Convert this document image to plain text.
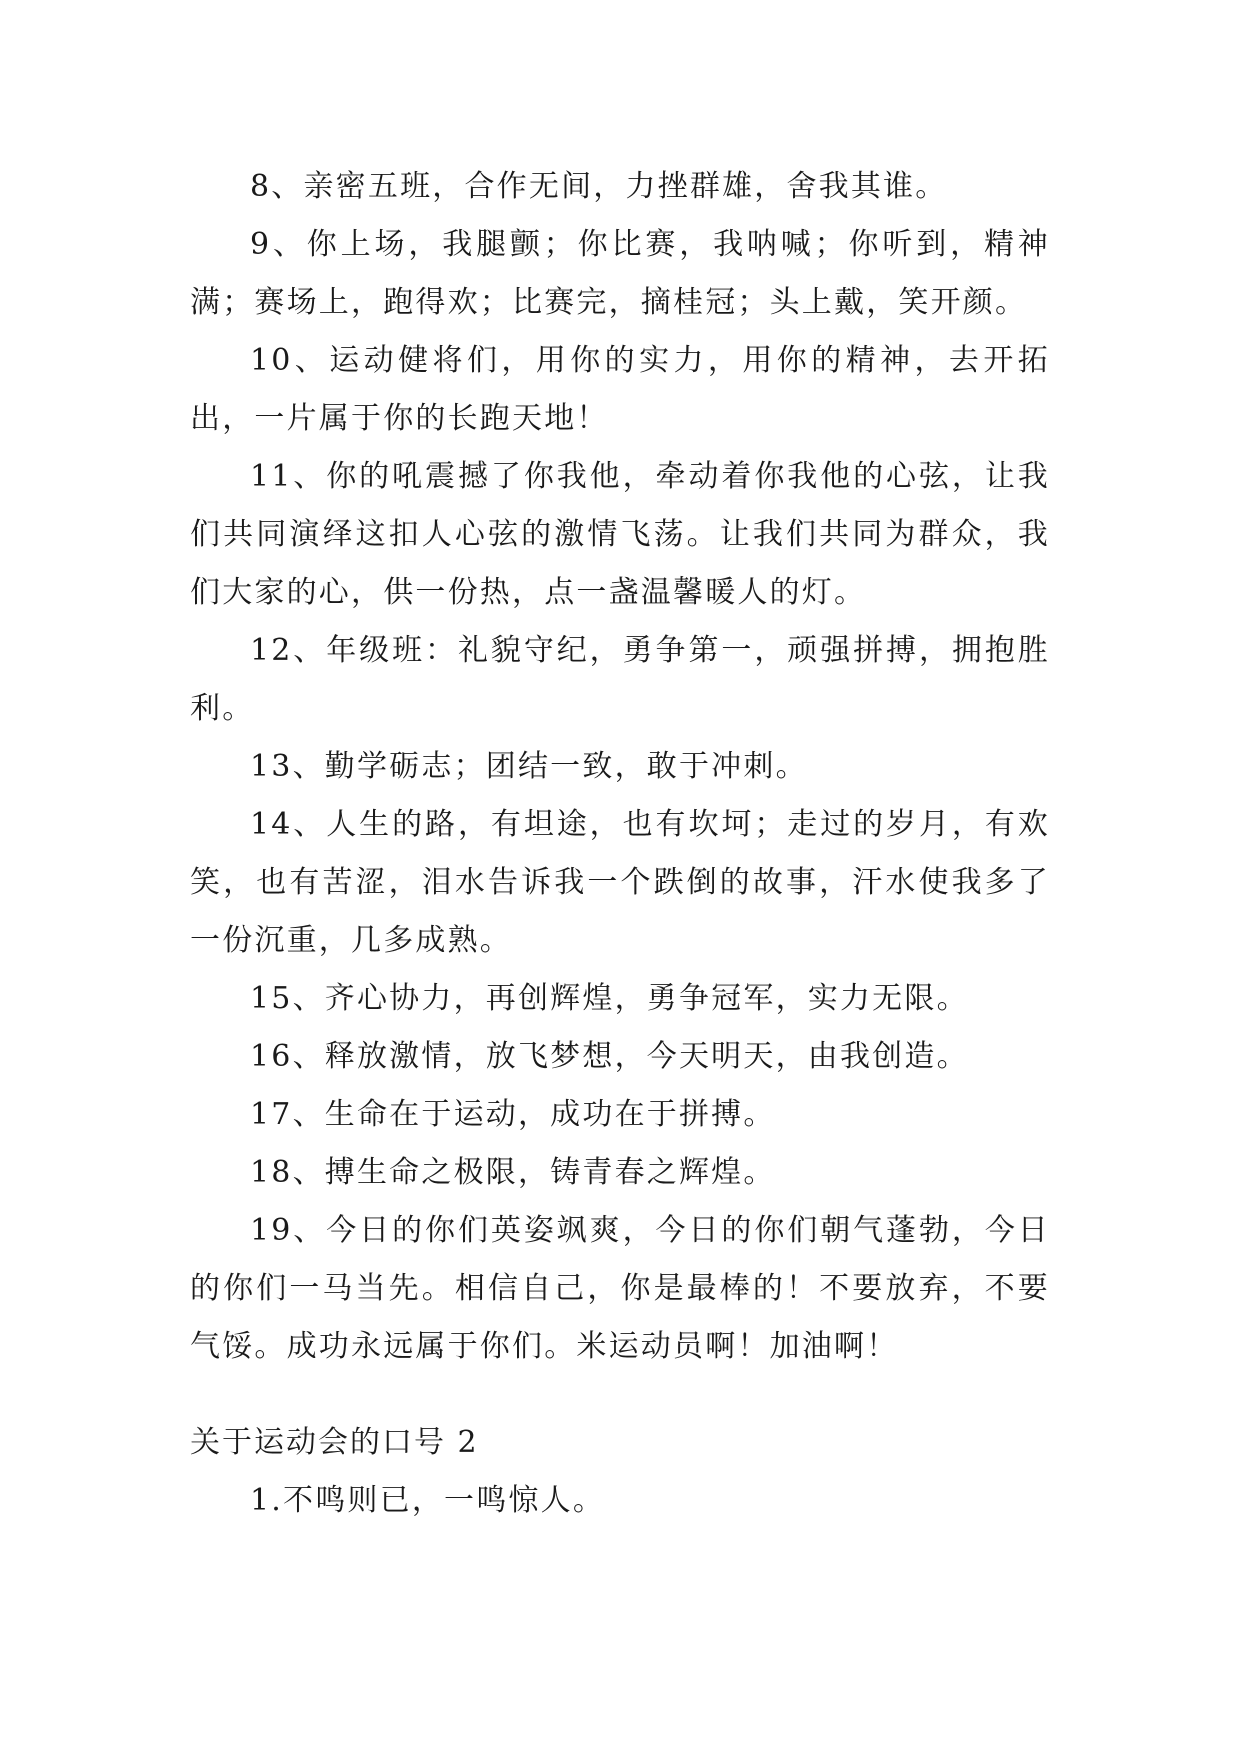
8、亲密五班，合作无间，力挫群雄，舍我其谁。

9、你上场，我腿颤；你比赛，我呐喊；你听到，精神满；赛场上，跑得欢；比赛完，摘桂冠；头上戴，笑开颜。

10、运动健将们，用你的实力，用你的精神，去开拓出，一片属于你的长跑天地！

11、你的吼震撼了你我他，牵动着你我他的心弦，让我们共同演绎这扣人心弦的激情飞荡。让我们共同为群众，我们大家的心，供一份热，点一盏温馨暖人的灯。

12、年级班：礼貌守纪，勇争第一，顽强拼搏，拥抱胜利。

13、勤学砺志；团结一致，敢于冲刺。

14、人生的路，有坦途，也有坎坷；走过的岁月，有欢笑，也有苦涩，泪水告诉我一个跌倒的故事，汗水使我多了一份沉重，几多成熟。

15、齐心协力，再创辉煌，勇争冠军，实力无限。

16、释放激情，放飞梦想，今天明天，由我创造。

17、生命在于运动，成功在于拼搏。

18、搏生命之极限，铸青春之辉煌。

19、今日的你们英姿飒爽，今日的你们朝气蓬勃，今日的你们一马当先。相信自己，你是最棒的！不要放弃，不要气馁。成功永远属于你们。米运动员啊！加油啊！

关于运动会的口号 2

1.不鸣则已，一鸣惊人。
